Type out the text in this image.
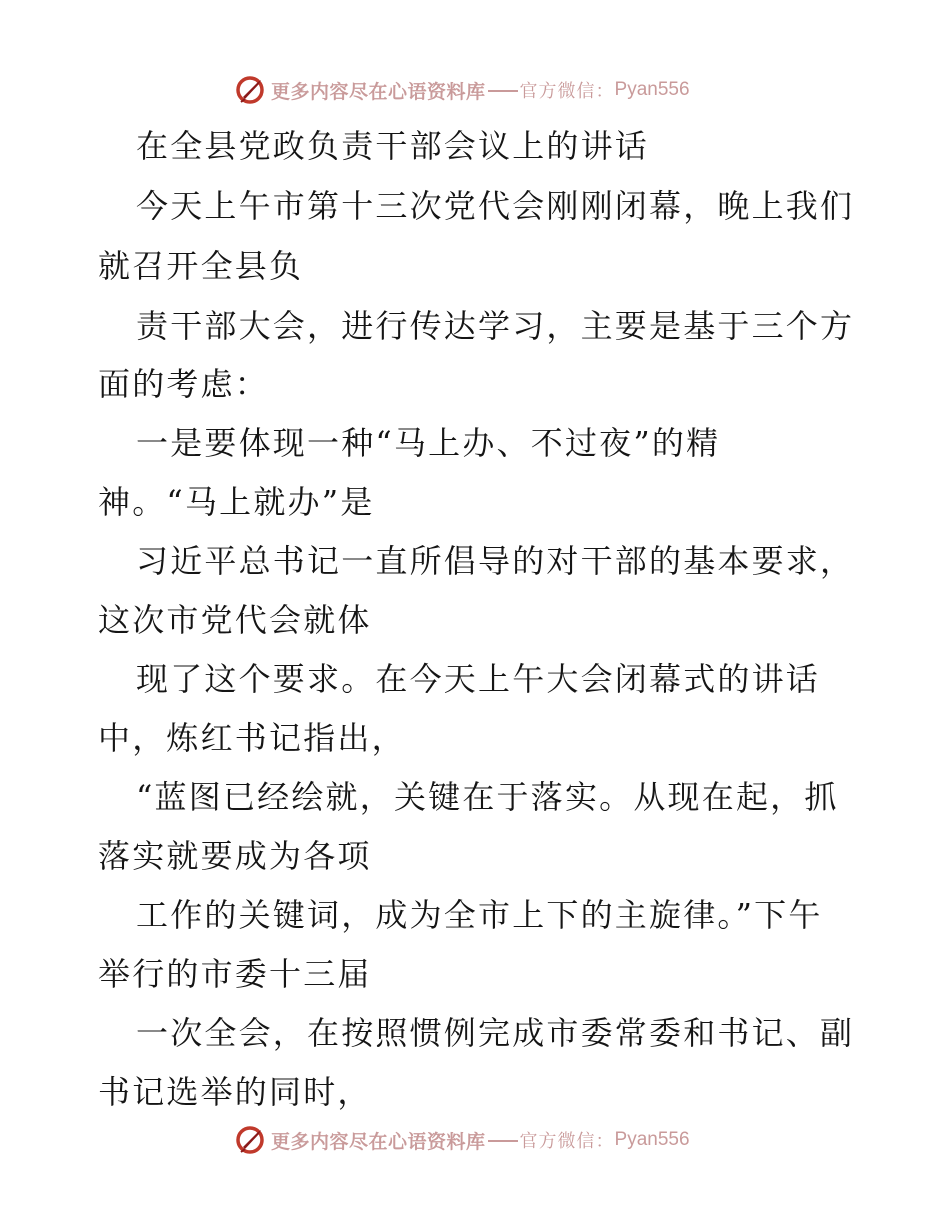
更多内容尽在心语资料库 官方微信： Pyan556
在全县党政负责干部会议上的讲话
今天上午市第十三次党代会刚刚闭幕，晚上我们
就召开全县负
责干部大会，进行传达学习，主要是基于三个方
面的考虑：
一是要体现一种“马上办、不过夜”的精
神。“马上就办”是
习近平总书记一直所倡导的对干部的基本要求，
这次市党代会就体
现了这个要求。在今天上午大会闭幕式的讲话
中，炼红书记指出，
“蓝图已经绘就，关键在于落实。从现在起，抓
落实就要成为各项
工作的关键词，成为全市上下的主旋律。”下午
举行的市委十三届
一次全会，在按照惯例完成市委常委和书记、副
书记选举的同时，
更多内容尽在心语资料库 官方微信： Pyan556
